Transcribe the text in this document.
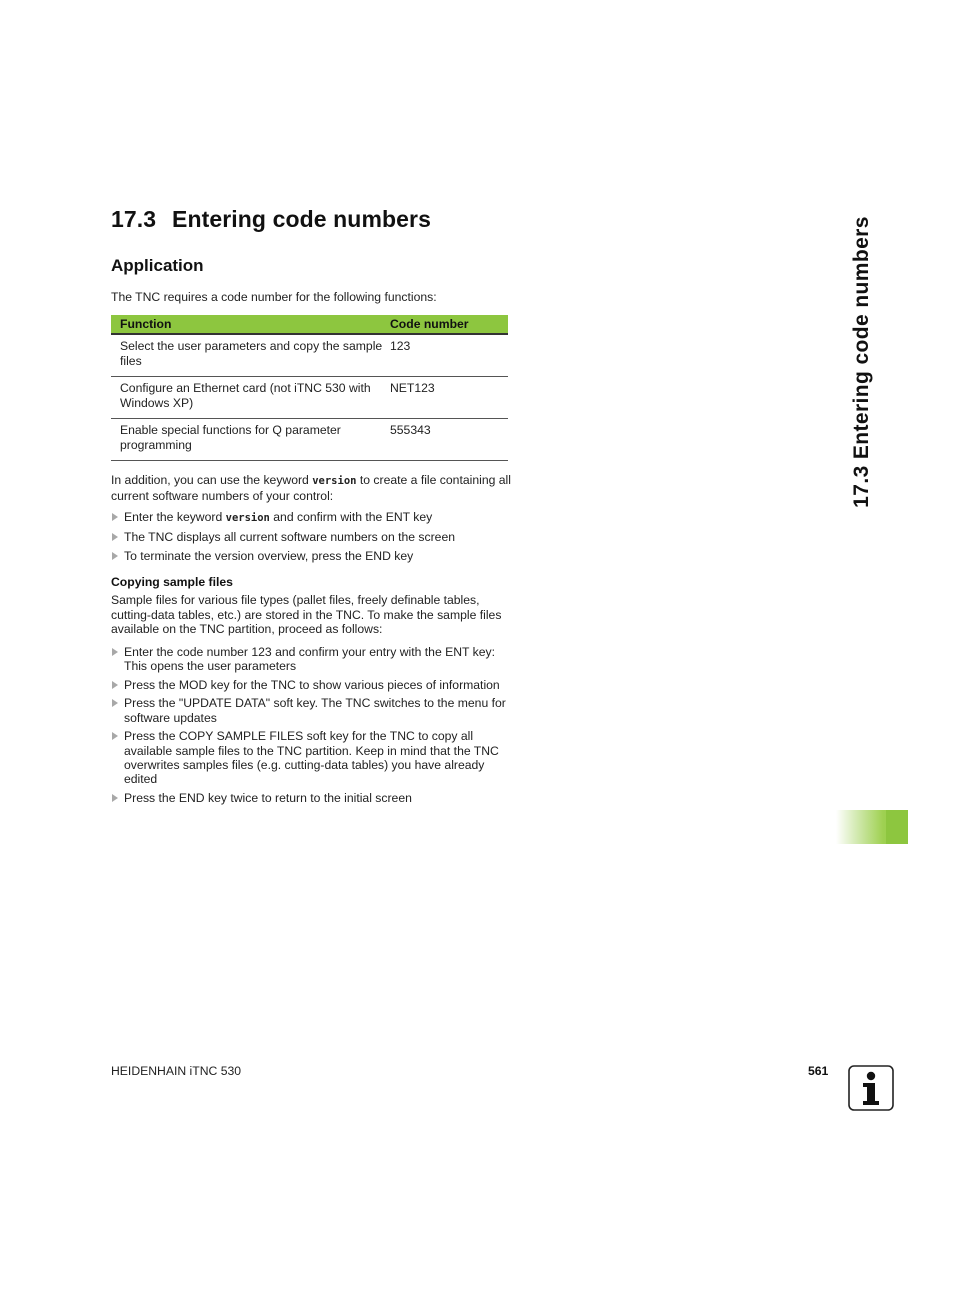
17.3 Entering code numbers
Application
The TNC requires a code number for the following functions:
Function	Code number
Select the user parameters and copy the sample files	123
Configure an Ethernet card (not iTNC 530 with Windows XP)	NET123
Enable special functions for Q parameter programming	555343
In addition, you can use the keyword version to create a file containing all current software numbers of your control:
Enter the keyword version and confirm with the ENT key
The TNC displays all current software numbers on the screen
To terminate the version overview, press the END key
Copying sample files
Sample files for various file types (pallet files, freely definable tables, cutting-data tables, etc.) are stored in the TNC. To make the sample files available on the TNC partition, proceed as follows:
Enter the code number 123 and confirm your entry with the ENT key: This opens the user parameters
Press the MOD key for the TNC to show various pieces of information
Press the "UPDATE DATA" soft key. The TNC switches to the menu for software updates
Press the COPY SAMPLE FILES soft key for the TNC to copy all available sample files to the TNC partition. Keep in mind that the TNC overwrites samples files (e.g. cutting-data tables) you have already edited
Press the END key twice to return to the initial screen
17.3 Entering code numbers
HEIDENHAIN iTNC 530	561
